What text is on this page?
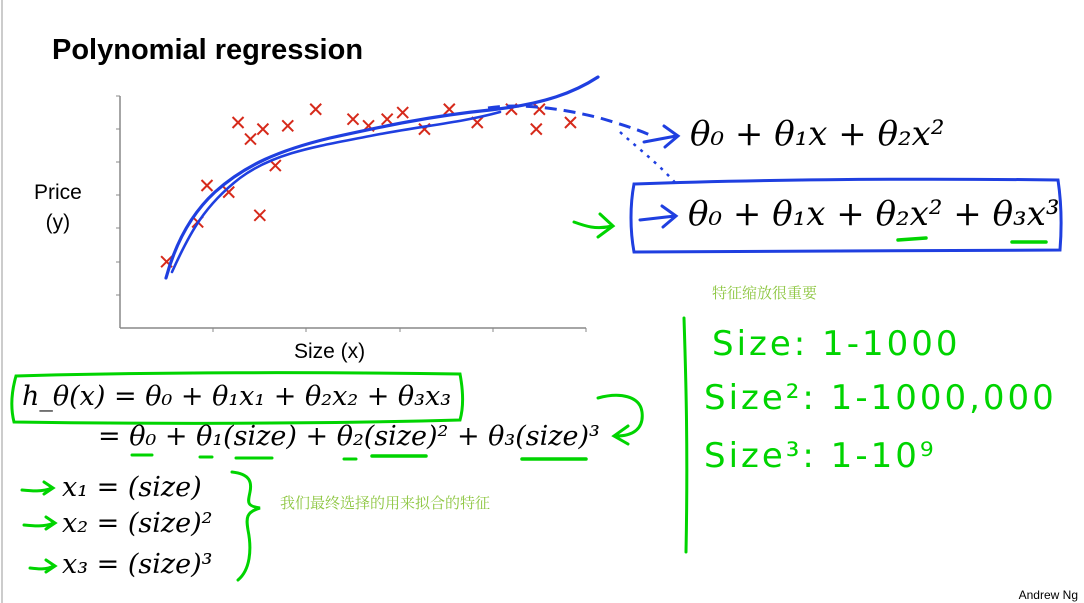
Polynomial regression
Price
(y)
Size (x)
θ₀ + θ₁x + θ₂x²
θ₀ + θ₁x + θ₂x² + θ₃x³
h_θ(x) = θ₀ + θ₁x₁ + θ₂x₂ + θ₃x₃
= θ₀ + θ₁(size) + θ₂(size)² + θ₃(size)³
x₁ = (size)
x₂ = (size)²
x₃ = (size)³
特征缩放很重要
我们最终选择的用来拟合的特征
Size: 1-1000
Size²: 1-1000,000
Size³: 1-10⁹
Andrew Ng
